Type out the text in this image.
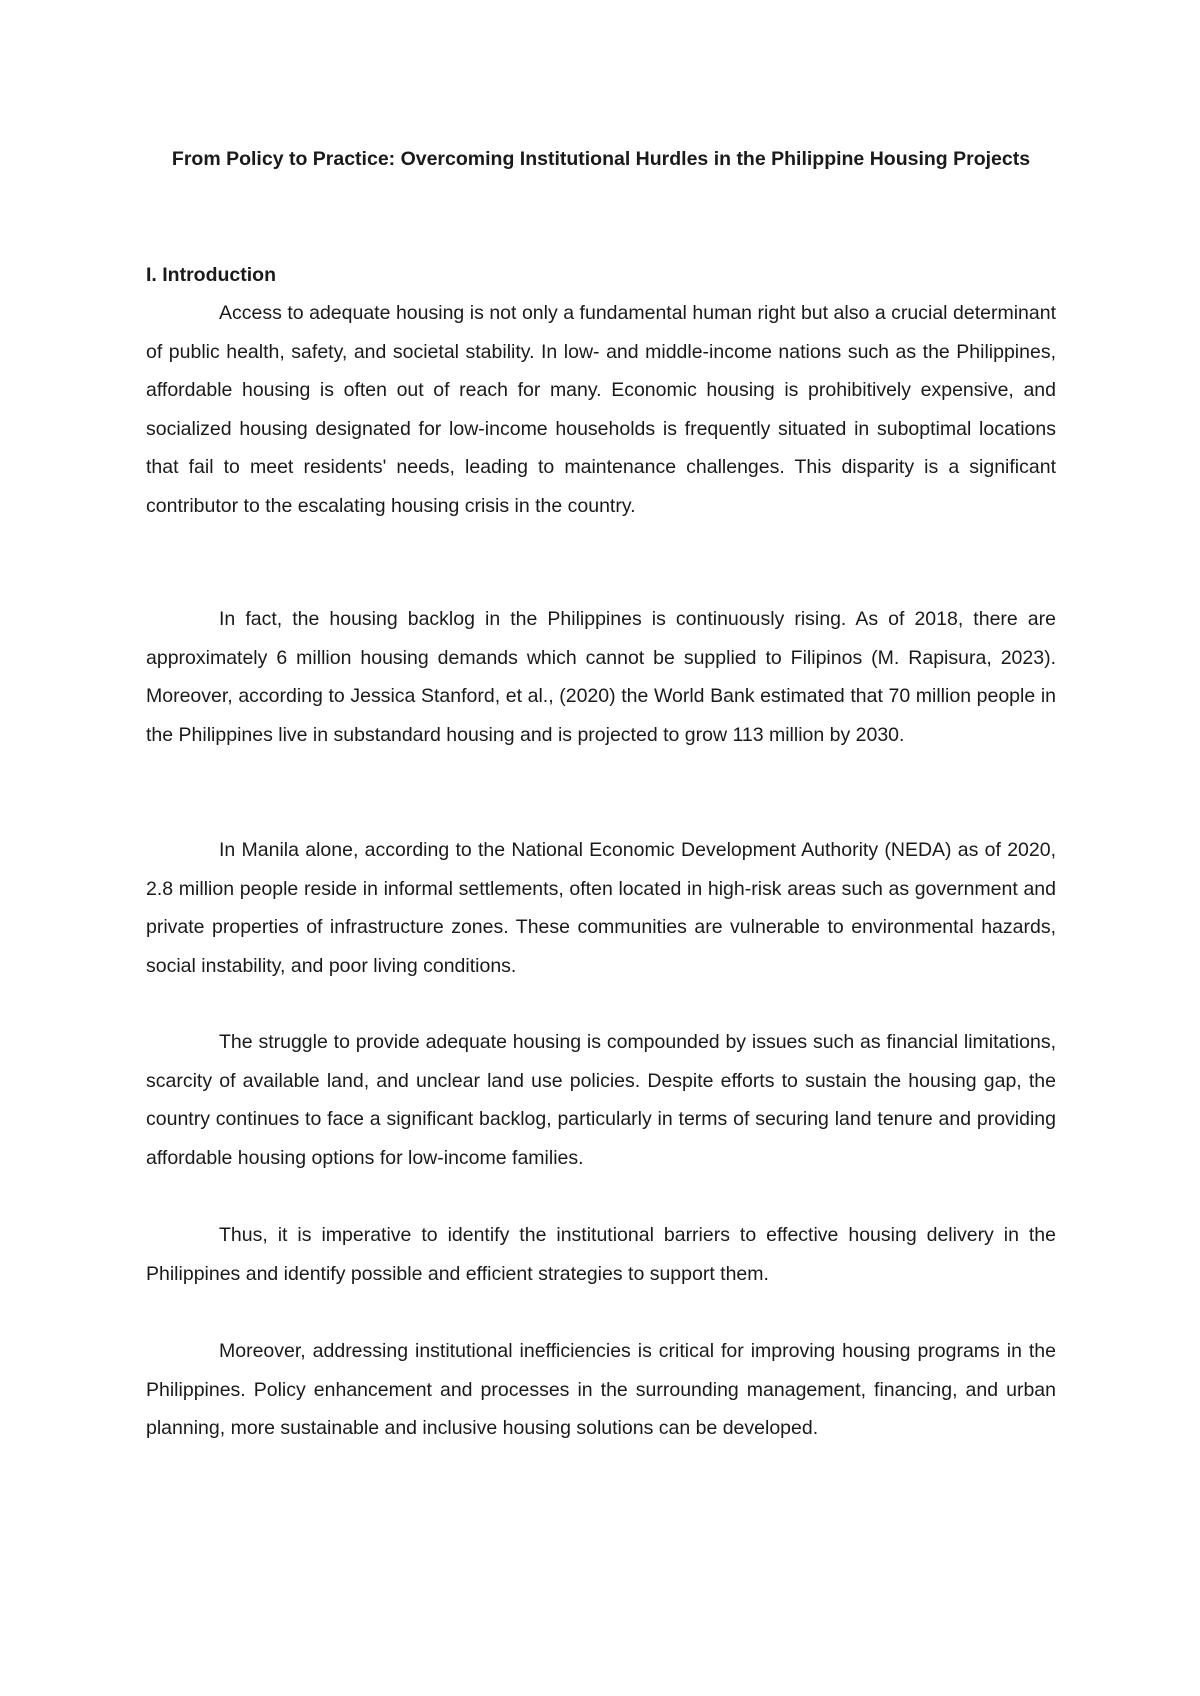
From Policy to Practice: Overcoming Institutional Hurdles in the Philippine Housing Projects
I. Introduction

Access to adequate housing is not only a fundamental human right but also a crucial determinant of public health, safety, and societal stability. In low- and middle-income nations such as the Philippines, affordable housing is often out of reach for many. Economic housing is prohibitively expensive, and socialized housing designated for low-income households is frequently situated in suboptimal locations that fail to meet residents' needs, leading to maintenance challenges. This disparity is a significant contributor to the escalating housing crisis in the country.

In fact, the housing backlog in the Philippines is continuously rising. As of 2018, there are approximately 6 million housing demands which cannot be supplied to Filipinos (M. Rapisura, 2023). Moreover, according to Jessica Stanford, et al., (2020) the World Bank estimated that 70 million people in the Philippines live in substandard housing and is projected to grow 113 million by 2030.

In Manila alone, according to the National Economic Development Authority (NEDA) as of 2020, 2.8 million people reside in informal settlements, often located in high-risk areas such as government and private properties of infrastructure zones. These communities are vulnerable to environmental hazards, social instability, and poor living conditions.

The struggle to provide adequate housing is compounded by issues such as financial limitations, scarcity of available land, and unclear land use policies. Despite efforts to sustain the housing gap, the country continues to face a significant backlog, particularly in terms of securing land tenure and providing affordable housing options for low-income families.

Thus, it is imperative to identify the institutional barriers to effective housing delivery in the Philippines and identify possible and efficient strategies to support them.

Moreover, addressing institutional inefficiencies is critical for improving housing programs in the Philippines. Policy enhancement and processes in the surrounding management, financing, and urban planning, more sustainable and inclusive housing solutions can be developed.
